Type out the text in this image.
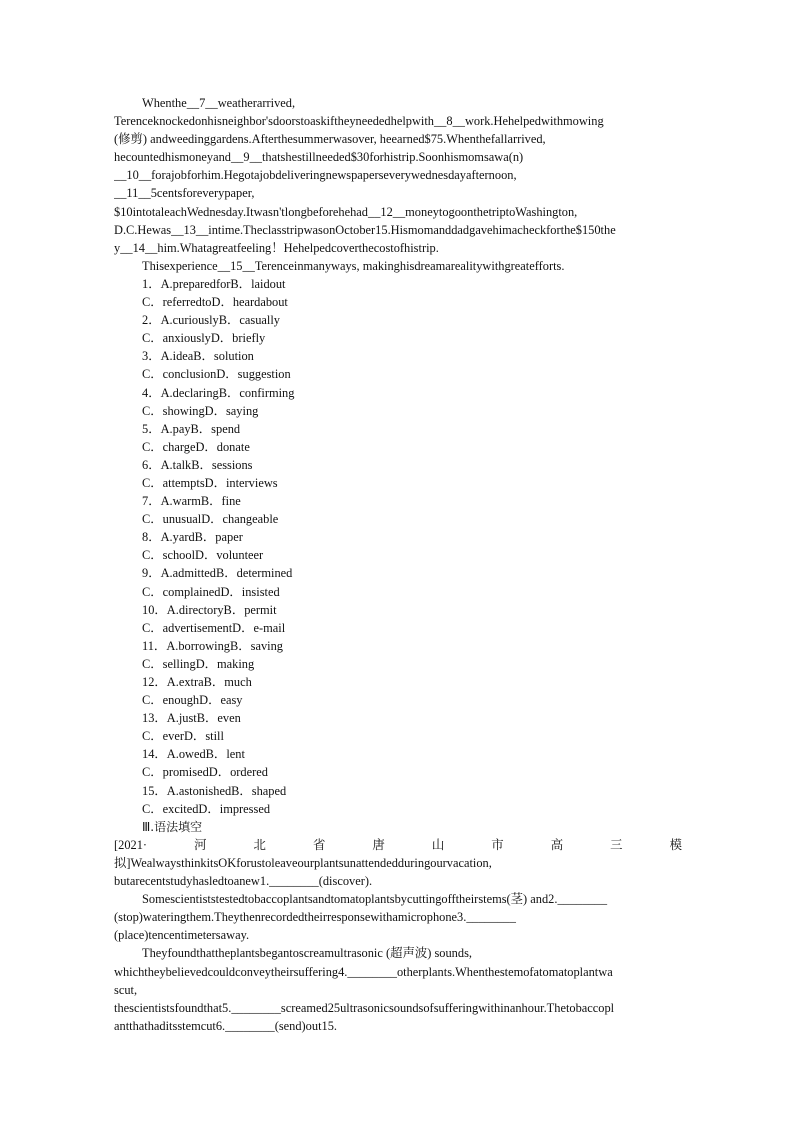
Whenthe__7__weatherarrived,
Terenceknockedonhisneighbor'sdoorstoaskiftheyneededhelpwith__8__work.Hehelpedwithmowing
(修剪) andweedinggardens.Afterthesummerwasover, heearned$75.Whenthefallarrived,
hecountedhismoneyand__9__thatshestillneeded$30forhistrip.Soonhismomsawa(n)
__10__forajobforhim.Hegotajobdeliveringnewspaperseverywednesdayafternoon,
__11__5centsforeverypaper,
$10intotaleachWednesday.Itwasn'tlongbeforehehad__12__moneytogoonthetriptoWashington,
D.C.Hewas__13__intime.TheclasstripwasonOctober15.Hismomanddadgavehimacheckforthe$150the
y__14__him.Whatagreatfeeling！Hehelpedcoverthecostofhistrip.
Thisexperience__15__Terenceinmanyways, makinghisdreamarealitywithgreatefforts.
1．A.preparedforB．laidout
C．referredtoD．heardabout
2．A.curiouslyB．casually
C．anxiouslyD．briefly
3．A.ideaB．solution
C．conclusionD．suggestion
4．A.declaringB．confirming
C．showingD．saying
5．A.payB．spend
C．chargeD．donate
6．A.talkB．sessions
C．attemptsD．interviews
7．A.warmB．fine
C．unusualD．changeable
8．A.yardB．paper
C．schoolD．volunteer
9．A.admittedB．determined
C．complainedD．insisted
10．A.directoryB．permit
C．advertisementD．e-mail
11．A.borrowingB．saving
C．sellingD．making
12．A.extraB．much
C．enoughD．easy
13．A.justB．even
C．everD．still
14．A.owedB．lent
C．promisedD．ordered
15．A.astonishedB．shaped
C．excitedD．impressed
Ⅲ.语法填空
[2021·	河	北	省	唐	山	市	高	三	模
拟]WealwaysthinkitsOKforustoleaveourplantsunattendedduringourvacation,
butarecentstudyhasledtoanew1.________(discover).
Somescientiststestedtobaccoplantsandtomatoplantsbycuttingofftheirstems(茎) and2.________
(stop)wateringthem.Theythenrecordedtheirresponsewithamicrophone3.________
(place)tencentimetersaway.
Theyfoundthattheplantsbegantoscreamultrasonic (超声波) sounds,
whichtheybelievedcouldconveytheirsuffering4.________otherplants.Whenthestemofatomatoplantwa
scut,
thescientistsfoundthat5.________screamed25ultrasonicsoundsofsufferingwithinanhour.Thetobaccopl
antthathaditsstemcut6.________(send)out15.
